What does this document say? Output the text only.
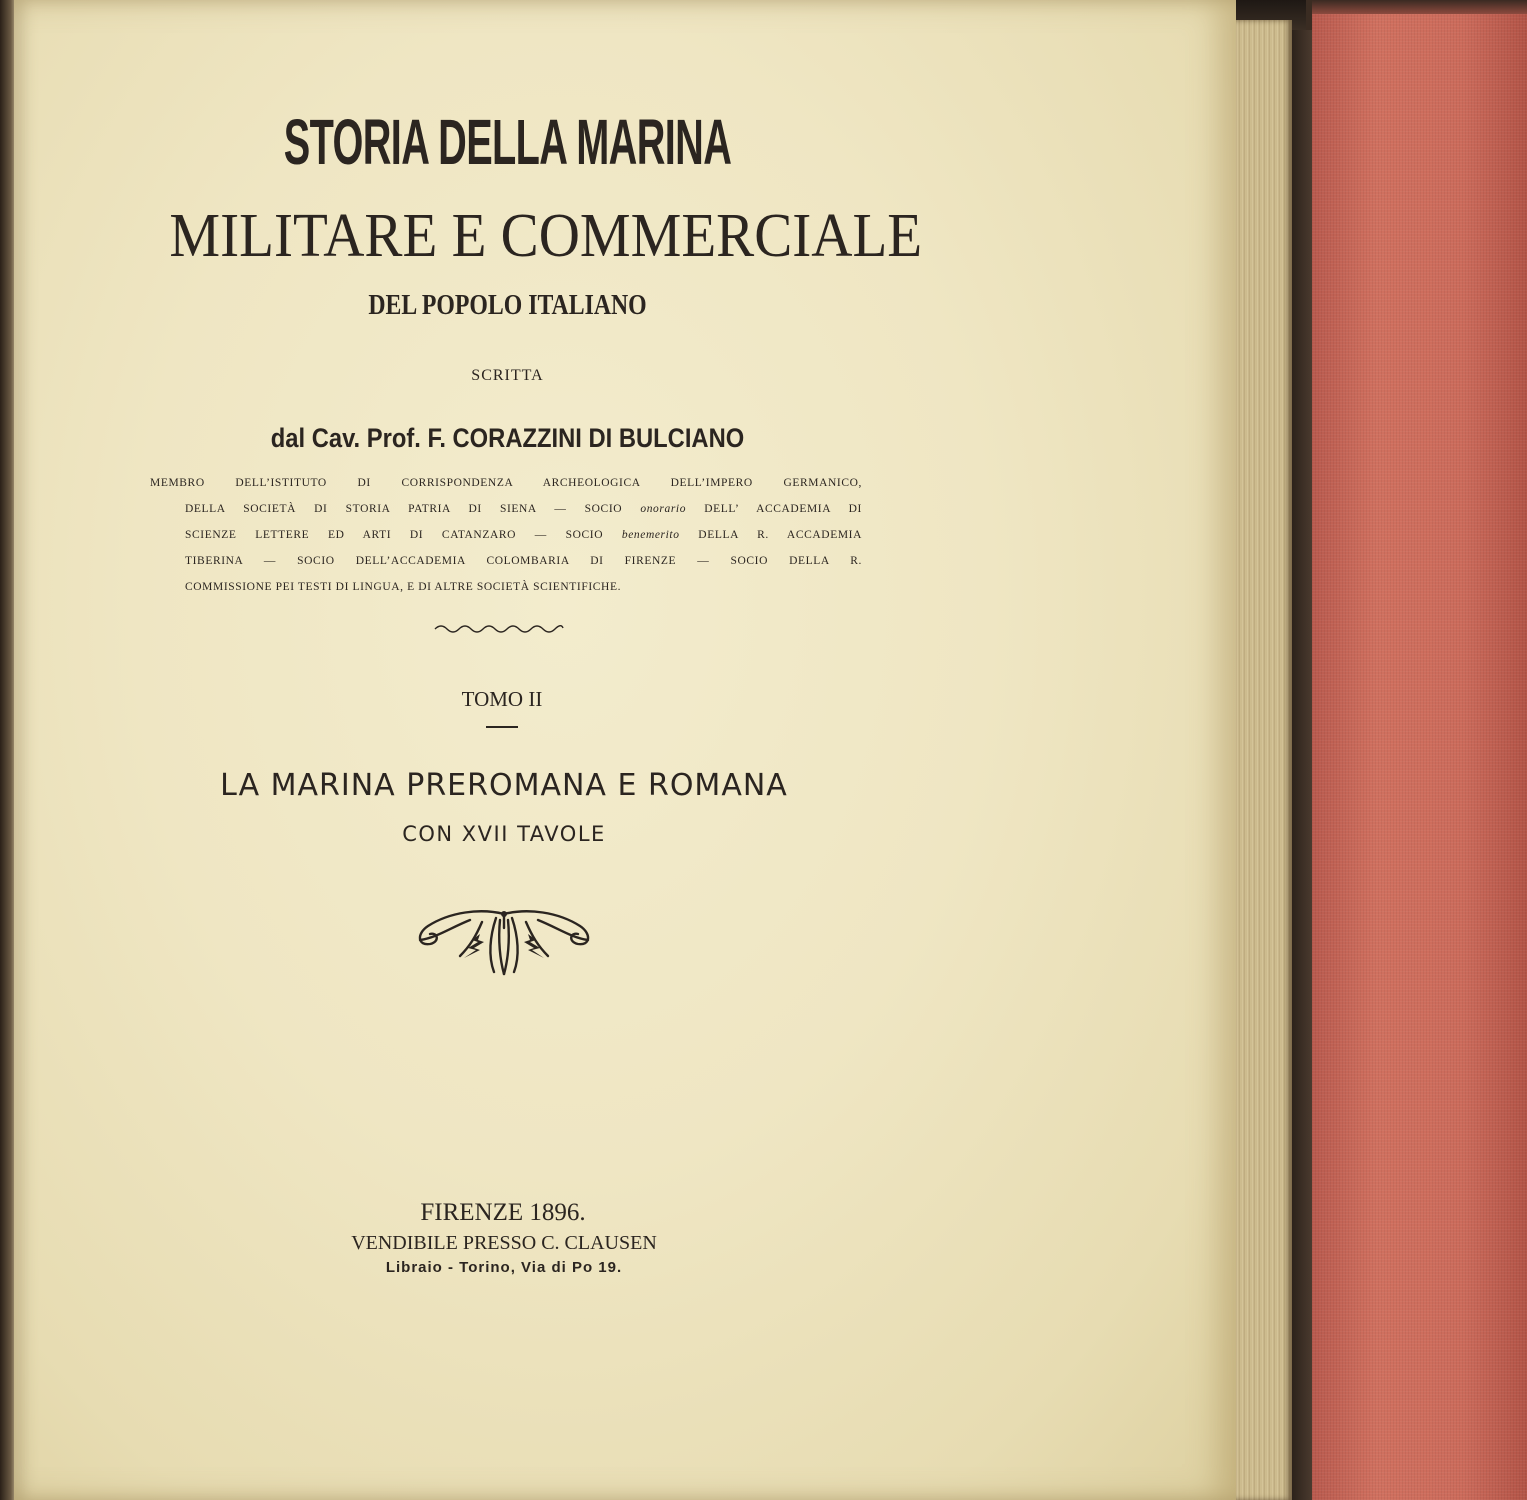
STORIA DELLA MARINA
MILITARE E COMMERCIALE
DEL POPOLO ITALIANO
SCRITTA
dal Cav. Prof. F. CORAZZINI DI BULCIANO
MEMBRO DELL’ISTITUTO DI CORRISPONDENZA ARCHEOLOGICA DELL’IMPERO GERMANICO,
DELLA SOCIETÀ DI STORIA PATRIA DI SIENA — SOCIO onorario DELL’ ACCADEMIA DI
SCIENZE LETTERE ED ARTI DI CATANZARO — SOCIO benemerito DELLA R. ACCADEMIA
TIBERINA — SOCIO DELL’ACCADEMIA COLOMBARIA DI FIRENZE — SOCIO DELLA R.
COMMISSIONE PEI TESTI DI LINGUA, E DI ALTRE SOCIETÀ SCIENTIFICHE.
TOMO II
LA MARINA PREROMANA E ROMANA
CON XVII TAVOLE
FIRENZE 1896.
VENDIBILE PRESSO C. CLAUSEN
Libraio - Torino, Via di Po 19.
